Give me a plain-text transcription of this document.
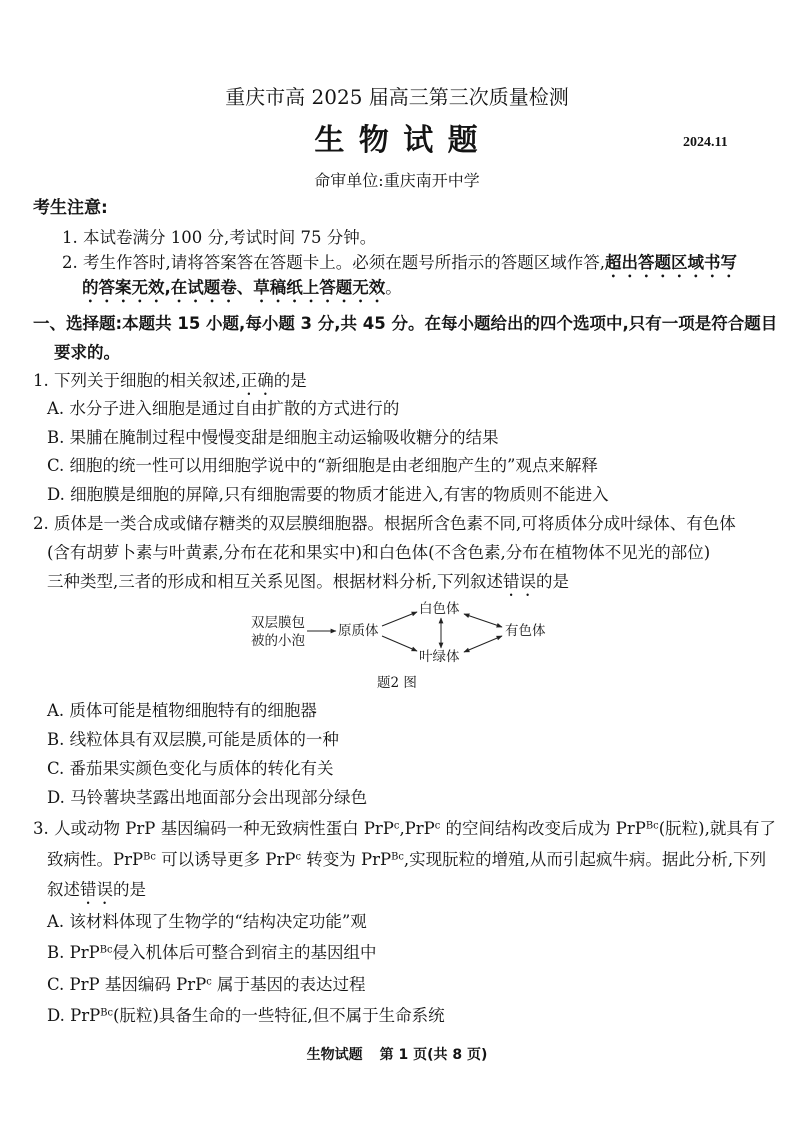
重庆市高 2025 届高三第三次质量检测
生 物 试 题	2024.11
命审单位:重庆南开中学
考生注意:
1. 本试卷满分 100 分,考试时间 75 分钟。
2. 考生作答时,请将答案答在答题卡上。必须在题号所指示的答题区域作答,超出答题区域书写
的答案无效,在试题卷、草稿纸上答题无效。
一、选择题:本题共 15 小题,每小题 3 分,共 45 分。在每小题给出的四个选项中,只有一项是符合题目
要求的。
1. 下列关于细胞的相关叙述,正确的是
A. 水分子进入细胞是通过自由扩散的方式进行的
B. 果脯在腌制过程中慢慢变甜是细胞主动运输吸收糖分的结果
C. 细胞的统一性可以用细胞学说中的“新细胞是由老细胞产生的”观点来解释
D. 细胞膜是细胞的屏障,只有细胞需要的物质才能进入,有害的物质则不能进入
2. 质体是一类合成或储存糖类的双层膜细胞器。根据所含色素不同,可将质体分成叶绿体、有色体
(含有胡萝卜素与叶黄素,分布在花和果实中)和白色体(不含色素,分布在植物体不见光的部位)
三种类型,三者的形成和相互关系见图。根据材料分析,下列叙述错误的是
双层膜包
被的小泡
原质体
白色体
叶绿体
有色体
题2 图
A. 质体可能是植物细胞特有的细胞器
B. 线粒体具有双层膜,可能是质体的一种
C. 番茄果实颜色变化与质体的转化有关
D. 马铃薯块茎露出地面部分会出现部分绿色
3. 人或动物 PrP 基因编码一种无致病性蛋白 PrP$^c$,PrP$^c$ 的空间结构改变后成为 PrP$^{Bc}$(朊粒),就具有了
致病性。PrP$^{Bc}$ 可以诱导更多 PrP$^c$ 转变为 PrP$^{Bc}$,实现朊粒的增殖,从而引起疯牛病。据此分析,下列
叙述错误的是
A. 该材料体现了生物学的“结构决定功能”观
B. PrP$^{Bc}$侵入机体后可整合到宿主的基因组中
C. PrP 基因编码 PrP$^c$ 属于基因的表达过程
D. PrP$^{Bc}$(朊粒)具备生命的一些特征,但不属于生命系统
生物试题 第 1 页(共 8 页)
